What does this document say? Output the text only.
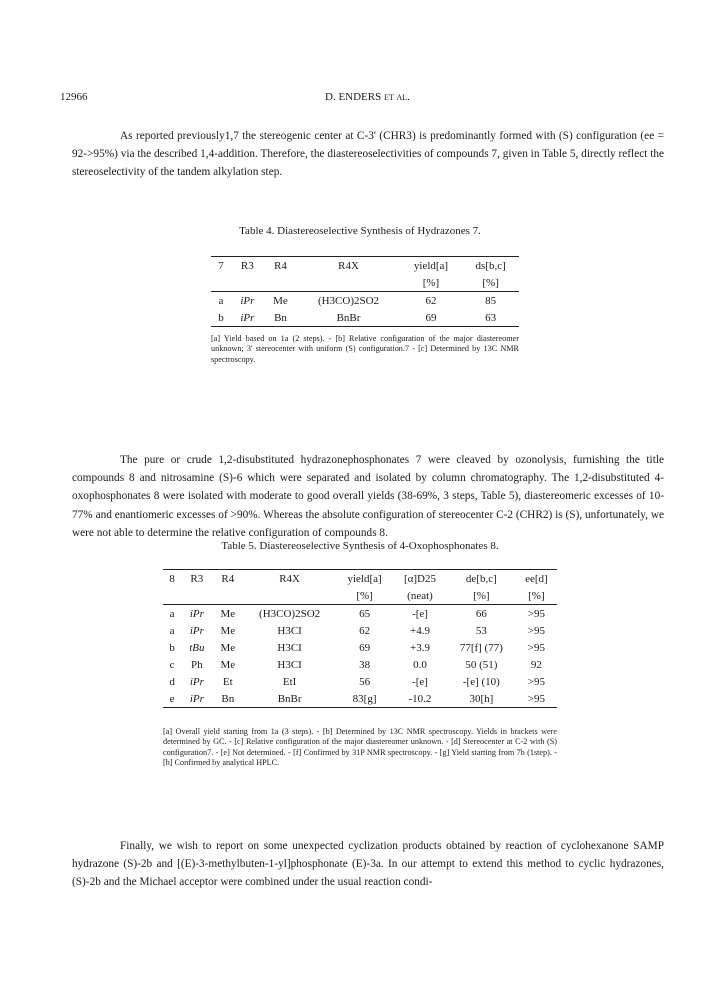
12966	D. ENDERS et al.

As reported previously1,7 the stereogenic center at C-3' (CHR3) is predominantly formed with (S) configuration (ee = 92->95%) via the described 1,4-addition. Therefore, the diastereoselectivities of compounds 7, given in Table 5, directly reflect the stereoselectivity of the tandem alkylation step.

Table 4. Diastereoselective Synthesis of Hydrazones 7.
7	R3	R4	R4X	yield[a]	ds[b,c]
				[%]	[%]
a	iPr	Me	(H3CO)2SO2	62	85
b	iPr	Bn	BnBr	69	63
[a] Yield based on 1a (2 steps). - [b] Relative configuration of the major diastereomer unknown; 3' stereocenter with uniform (S) configuration.7 - [c] Determined by 13C NMR spectroscopy.

The pure or crude 1,2-disubstituted hydrazonephosphonates 7 were cleaved by ozonolysis, furnishing the title compounds 8 and nitrosamine (S)-6 which were separated and isolated by column chromatography. The 1,2-disubstituted 4-oxophosphonates 8 were isolated with moderate to good overall yields (38-69%, 3 steps, Table 5), diastereomeric excesses of 10-77% and enantiomeric excesses of >90%. Whereas the absolute configuration of stereocenter C-2 (CHR2) is (S), unfortunately, we were not able to determine the relative configuration of compounds 8.

Table 5. Diastereoselective Synthesis of 4-Oxophosphonates 8.
8	R3	R4	R4X	yield[a]	[α]D25	de[b,c]	ee[d]
				[%]	(neat)	[%]	[%]
a	iPr	Me	(H3CO)2SO2	65	-[e]	66	>95
a	iPr	Me	H3CI	62	+4.9	53	>95
b	tBu	Me	H3CI	69	+3.9	77[f] (77)	>95
c	Ph	Me	H3CI	38	0.0	50 (51)	92
d	iPr	Et	EtI	56	-[e]	-[e] (10)	>95
e	iPr	Bn	BnBr	83[g]	-10.2	30[h]	>95
[a] Overall yield starting from 1a (3 steps). - [b] Determined by 13C NMR spectroscopy. Yields in brackets were determined by GC. - [c] Relative configuration of the major diastereomer unknown. - [d] Stereocenter at C-2 with (S) configuration7. - [e] Not determined. - [f] Confirmed by 31P NMR spectroscopy. - [g] Yield starting from 7b (1step). - [h] Confirmed by analytical HPLC.

Finally, we wish to report on some unexpected cyclization products obtained by reaction of cyclohexanone SAMP hydrazone (S)-2b and [(E)-3-methylbuten-1-yl]phosphonate (E)-3a. In our attempt to extend this method to cyclic hydrazones, (S)-2b and the Michael acceptor were combined under the usual reaction condi-
